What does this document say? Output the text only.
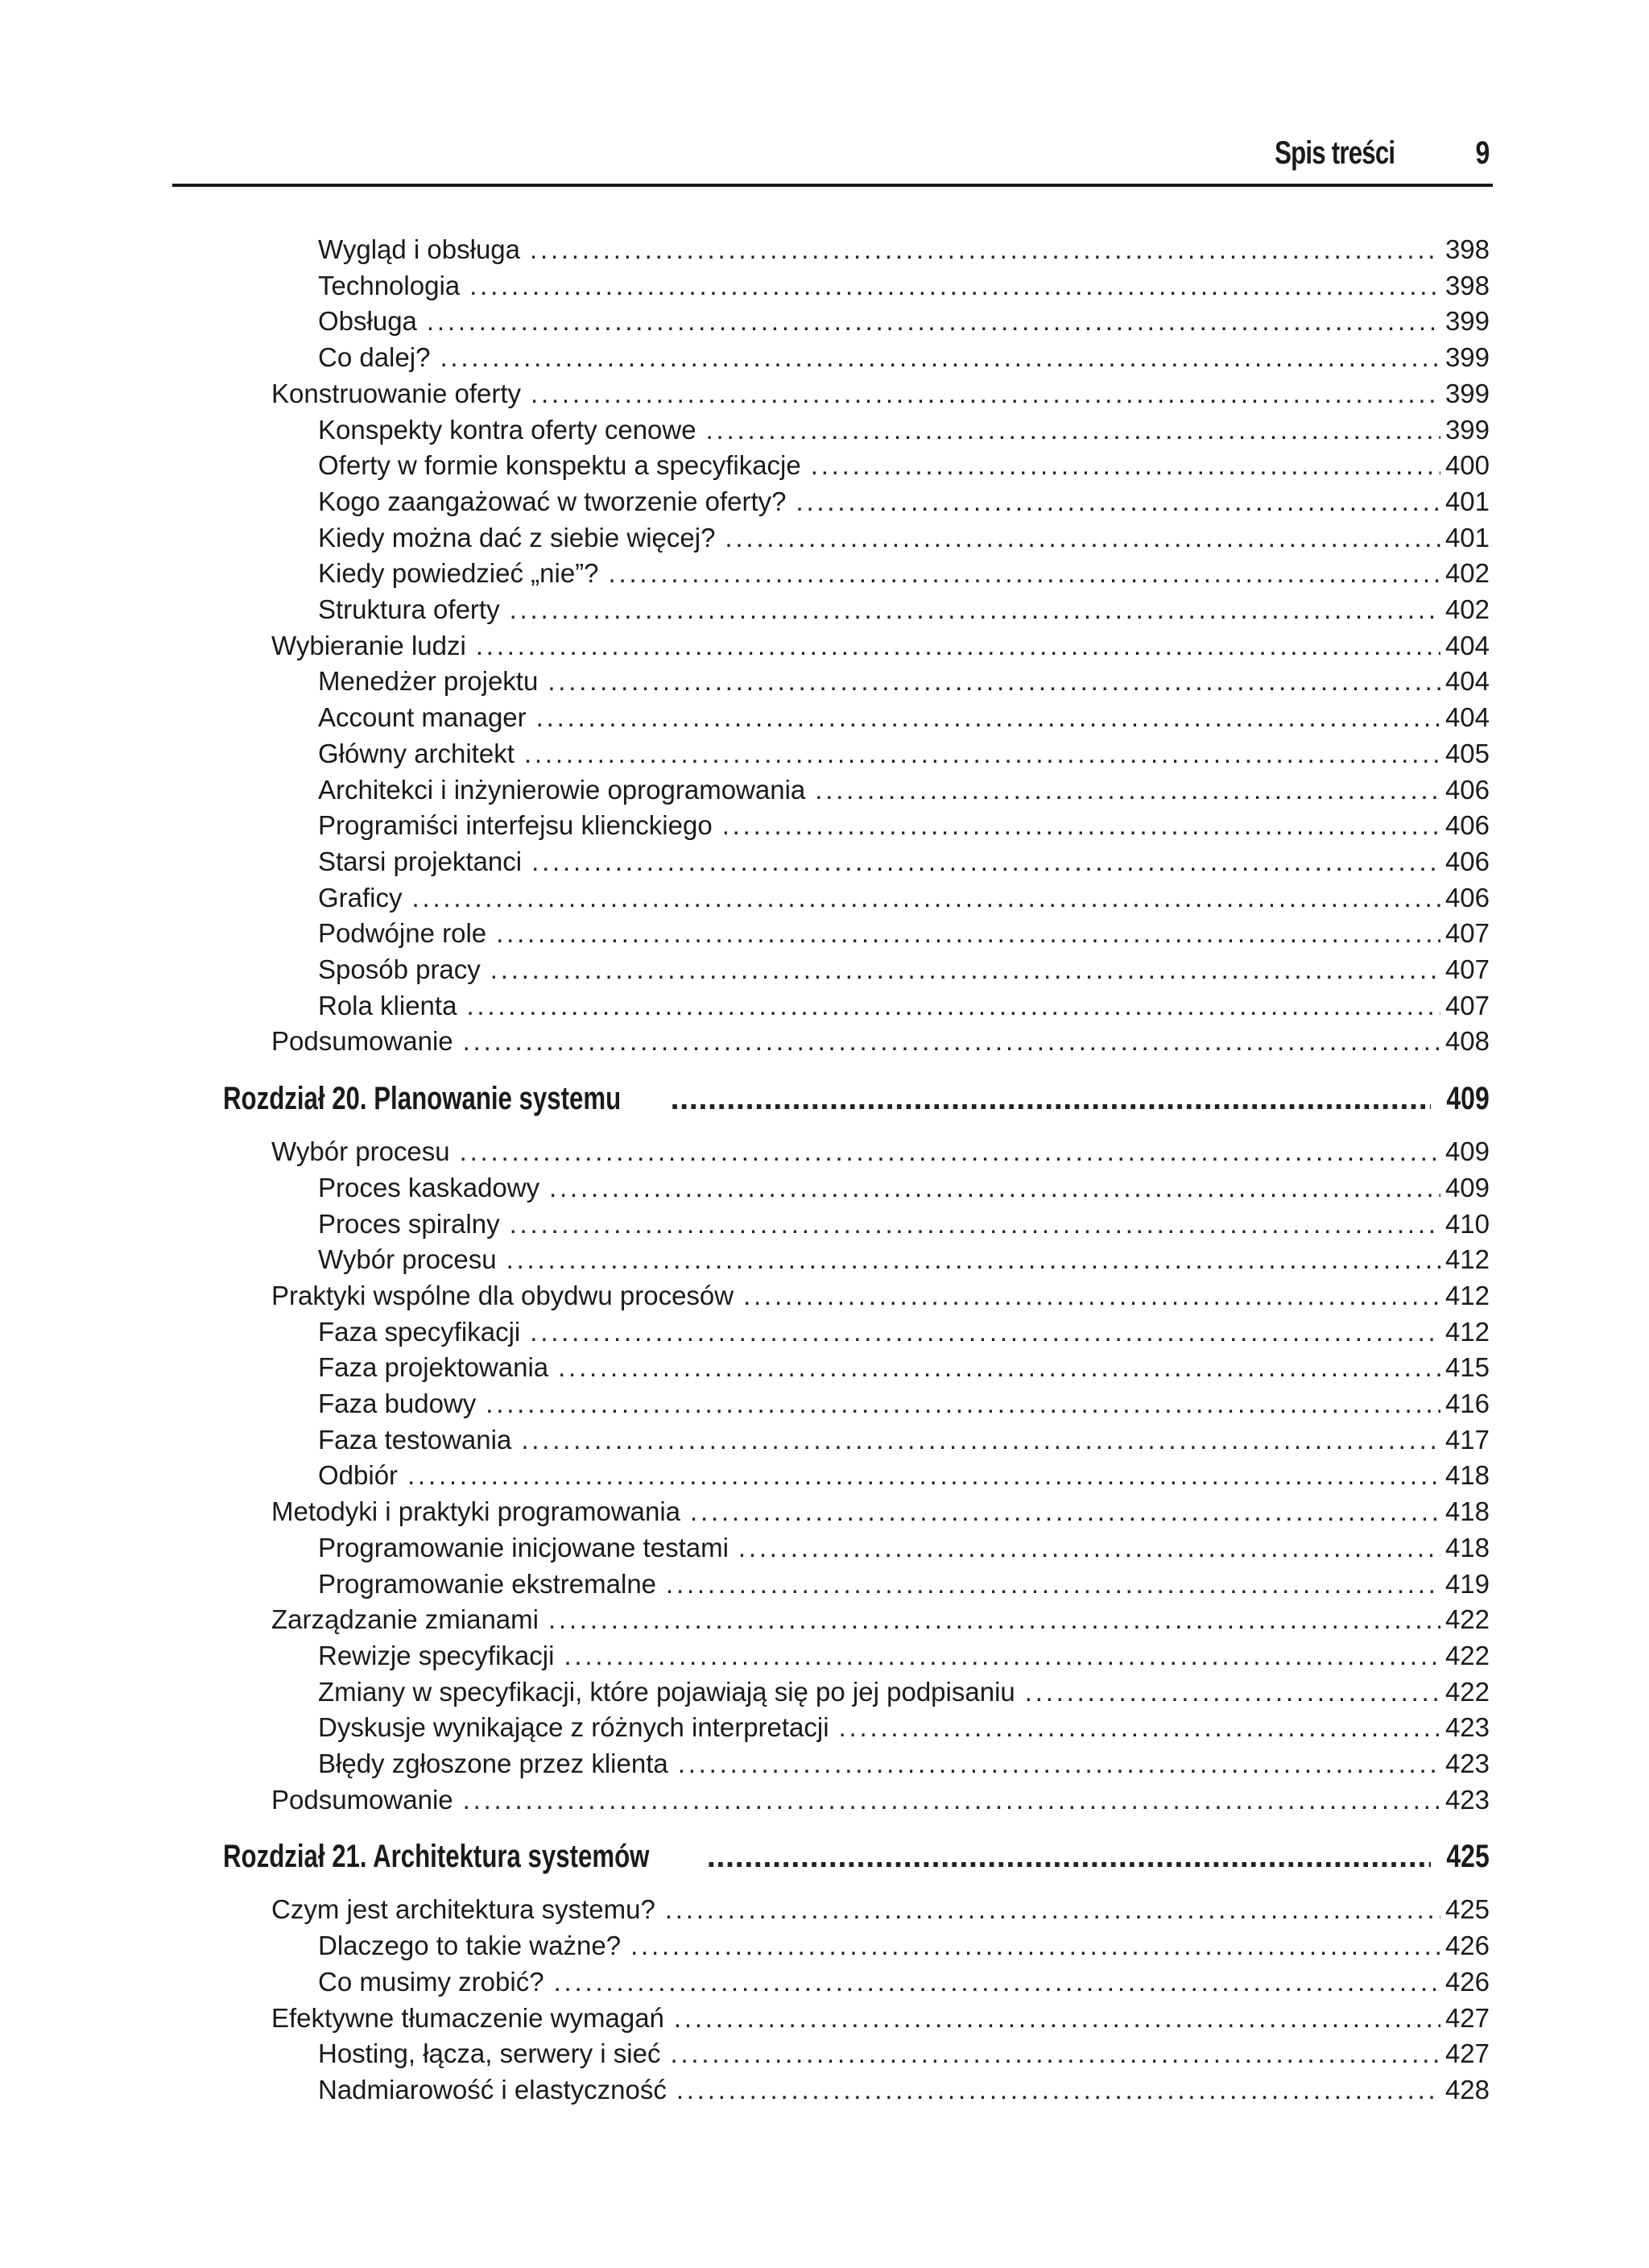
Spis treści	9
Wygląd i obsługa .....	398
Technologia .....	398
Obsługa .....	399
Co dalej? .....	399
Konstruowanie oferty .....	399
Konspekty kontra oferty cenowe .....	399
Oferty w formie konspektu a specyfikacje .....	400
Kogo zaangażować w tworzenie oferty? .....	401
Kiedy można dać z siebie więcej? .....	401
Kiedy powiedzieć „nie”? .....	402
Struktura oferty .....	402
Wybieranie ludzi .....	404
Menedżer projektu .....	404
Account manager .....	404
Główny architekt .....	405
Architekci i inżynierowie oprogramowania .....	406
Programiści interfejsu klienckiego .....	406
Starsi projektanci .....	406
Graficy .....	406
Podwójne role .....	407
Sposób pracy .....	407
Rola klienta .....	407
Podsumowanie .....	408
Rozdział 20. Planowanie systemu .....	409
Wybór procesu .....	409
Proces kaskadowy .....	409
Proces spiralny .....	410
Wybór procesu .....	412
Praktyki wspólne dla obydwu procesów .....	412
Faza specyfikacji .....	412
Faza projektowania .....	415
Faza budowy .....	416
Faza testowania .....	417
Odbiór .....	418
Metodyki i praktyki programowania .....	418
Programowanie inicjowane testami .....	418
Programowanie ekstremalne .....	419
Zarządzanie zmianami .....	422
Rewizje specyfikacji .....	422
Zmiany w specyfikacji, które pojawiają się po jej podpisaniu .....	422
Dyskusje wynikające z różnych interpretacji .....	423
Błędy zgłoszone przez klienta .....	423
Podsumowanie .....	423
Rozdział 21. Architektura systemów .....	425
Czym jest architektura systemu? .....	425
Dlaczego to takie ważne? .....	426
Co musimy zrobić? .....	426
Efektywne tłumaczenie wymagań .....	427
Hosting, łącza, serwery i sieć .....	427
Nadmiarowość i elastyczność .....	428
